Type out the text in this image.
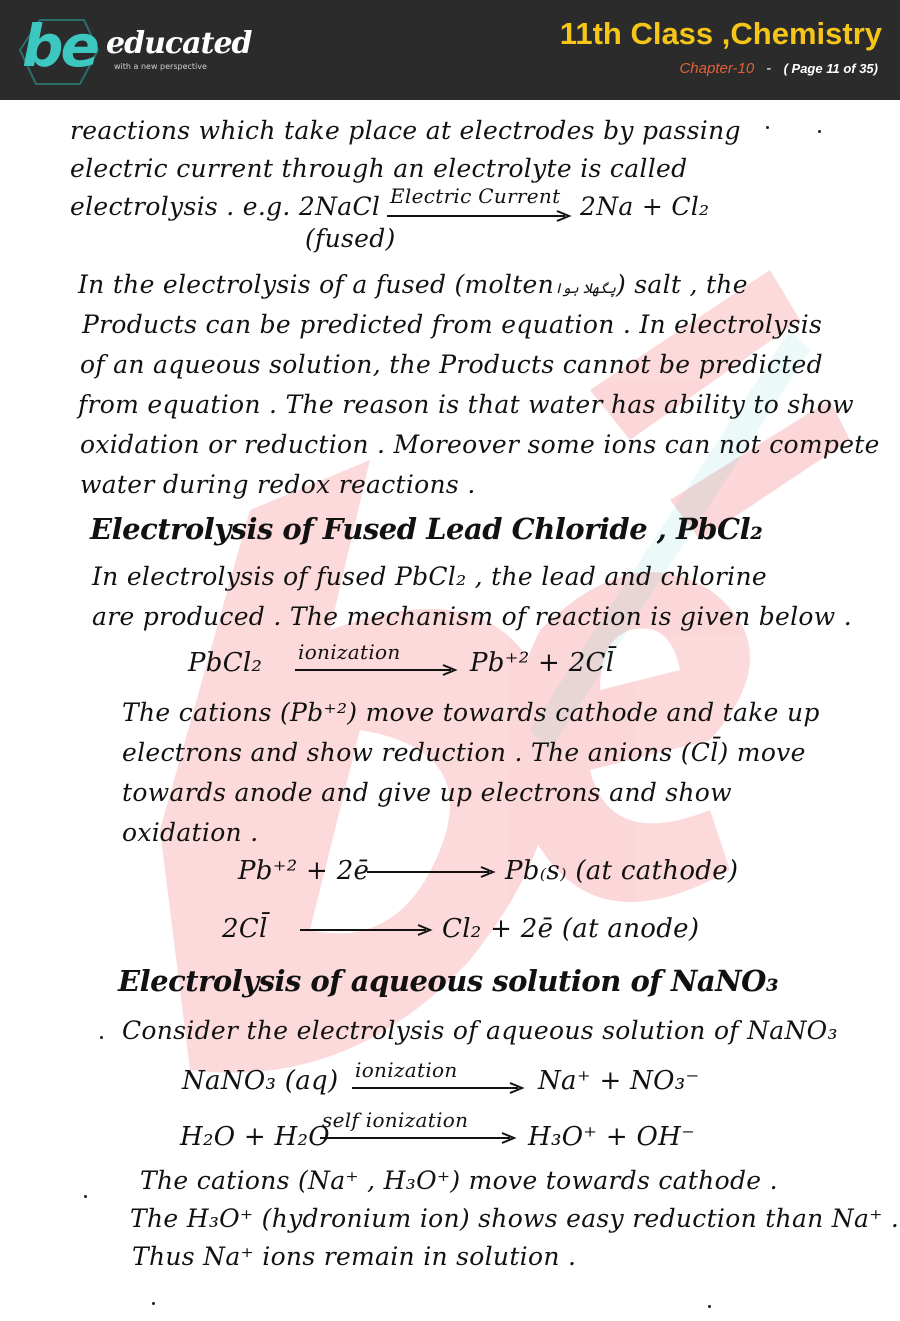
be educated
with a new perspective
11th Class ,Chemistry
Chapter-10 - ( Page 11 of 35)
reactions which take place at electrodes by passing
electric current through an electrolyte is called
electrolysis . e.g. 2NaCl Electric Current 2Na + Cl₂
(fused)
In the electrolysis of a fused (moltenپگھلا ہوا) salt , the
Products can be predicted from equation . In electrolysis
of an aqueous solution, the Products cannot be predicted
from equation . The reason is that water has ability to show
oxidation or reduction . Moreover some ions can not compete
water during redox reactions .
Electrolysis of Fused Lead Chloride , PbCl₂
In electrolysis of fused PbCl₂ , the lead and chlorine
are produced . The mechanism of reaction is given below .
PbCl₂ ionization	Pb⁺² + 2Cl̄
The cations (Pb⁺²) move towards cathode and take up
electrons and show reduction . The anions (Cl̄) move
towards anode and give up electrons and show
oxidation .
Pb⁺² + 2ē	Pb₍s₎ (at cathode)
2Cl̄	Cl₂ + 2ē (at anode)
Electrolysis of aqueous solution of NaNO₃
Consider the electrolysis of aqueous solution of NaNO₃
NaNO₃ (aq) ionization	Na⁺ + NO₃⁻
H₂O + H₂O
self ionization
H₃O⁺ + OH⁻
The cations (Na⁺ , H₃O⁺) move towards cathode .
The H₃O⁺ (hydronium ion) shows easy reduction than Na⁺ .
Thus Na⁺ ions remain in solution .
